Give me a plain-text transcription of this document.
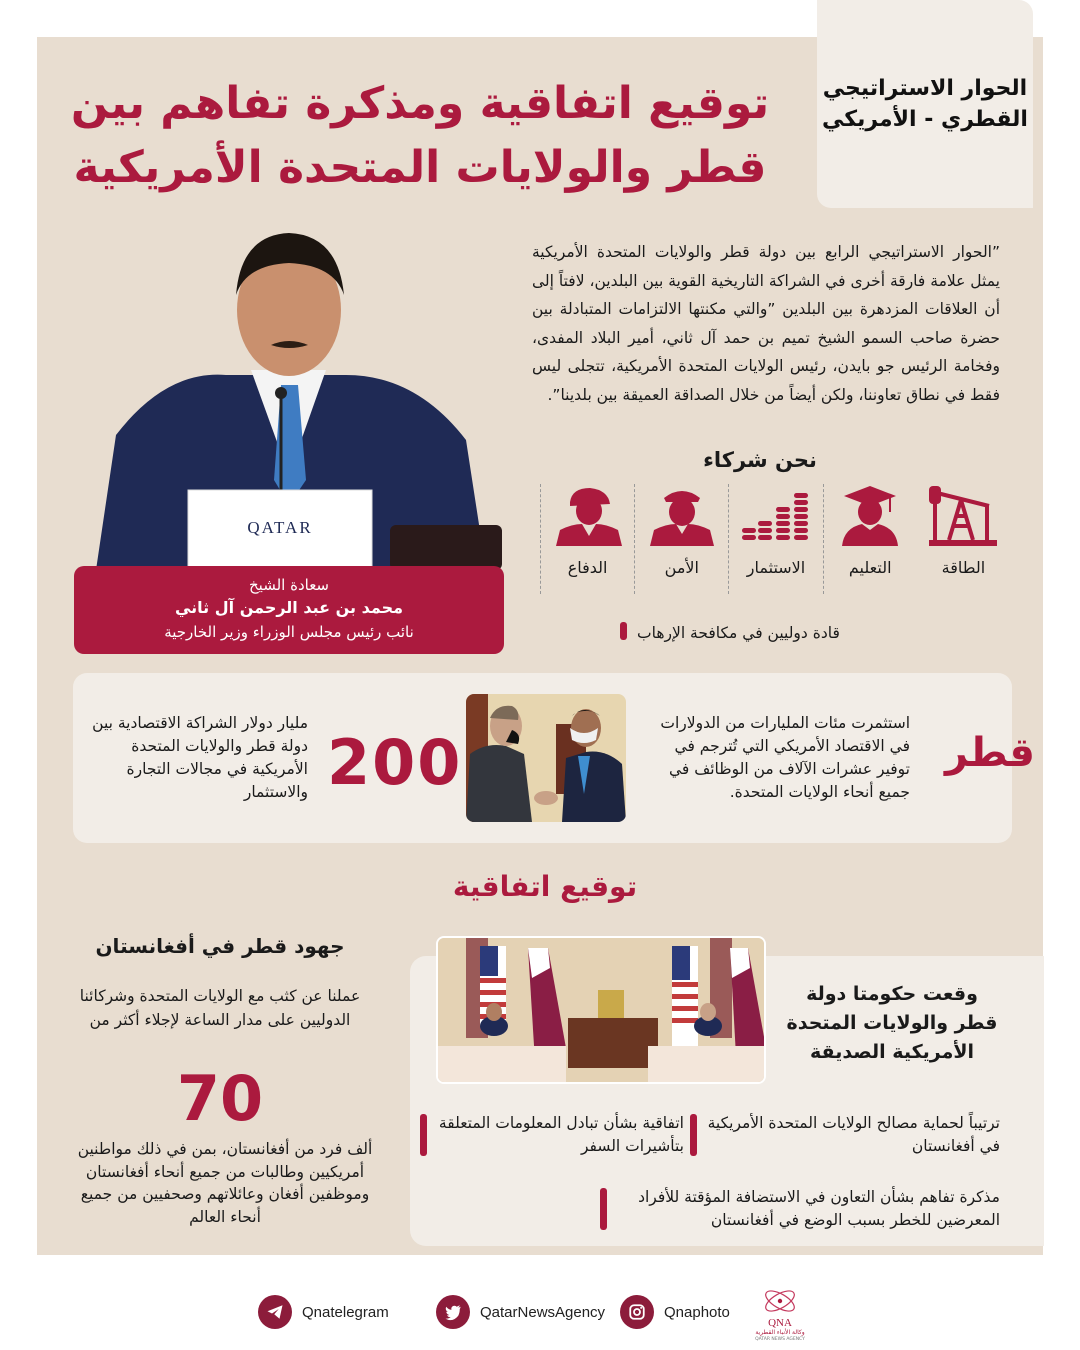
الحوار الاستراتيجي القطري - الأمريكي
توقيع اتفاقية ومذكرة تفاهم بين
قطر والولايات المتحدة الأمريكية
”الحوار الاستراتيجي الرابع بين دولة قطر والولايات المتحدة الأمريكية يمثل علامة فارقة أخرى في الشراكة التاريخية القوية بين البلدين، لافتاً إلى أن العلاقات المزدهرة بين البلدين ”والتي مكنتها الالتزامات المتبادلة بين حضرة صاحب السمو الشيخ تميم بن حمد آل ثاني، أمير البلاد المفدى، وفخامة الرئيس جو بايدن، رئيس الولايات المتحدة الأمريكية، تتجلى ليس فقط في نطاق تعاوننا، ولكن أيضاً من خلال الصداقة العميقة بين بلدينا”.
QATAR
سعادة الشيخ
محمد بن عبد الرحمن آل ثاني
نائب رئيس مجلس الوزراء وزير الخارجية
نحن شركاء
الدفاع	الأمن	الاستثمار	التعليم	الطاقة
قادة دوليين في مكافحة الإرهاب
قطر
استثمرت مئات المليارات من الدولارات في الاقتصاد الأمريكي التي تُترجم في توفير عشرات الآلاف من الوظائف في جميع أنحاء الولايات المتحدة.
200
مليار دولار الشراكة الاقتصادية بين دولة قطر والولايات المتحدة الأمريكية في مجالات التجارة والاستثمار
توقيع اتفاقية
وقعت حكومتا دولة قطر والولايات المتحدة الأمريكية الصديقة
ترتيباً لحماية مصالح الولايات المتحدة الأمريكية في أفغانستان
اتفاقية بشأن تبادل المعلومات المتعلقة بتأشيرات السفر
مذكرة تفاهم بشأن التعاون في الاستضافة المؤقتة للأفراد المعرضين للخطر بسبب الوضع في أفغانستان
جهود قطر في أفغانستان
عملنا عن كثب مع الولايات المتحدة وشركائنا الدوليين على مدار الساعة لإجلاء أكثر من
70
ألف فرد من أفغانستان، بمن في ذلك مواطنين أمريكيين وطالبات من جميع أنحاء أفغانستان وموظفين أفغان وعائلاتهم وصحفيين من جميع أنحاء العالم
Qnatelegram	QatarNewsAgency	Qnaphoto
QNA
وكالة الأنباء القطرية
QATAR NEWS AGENCY
